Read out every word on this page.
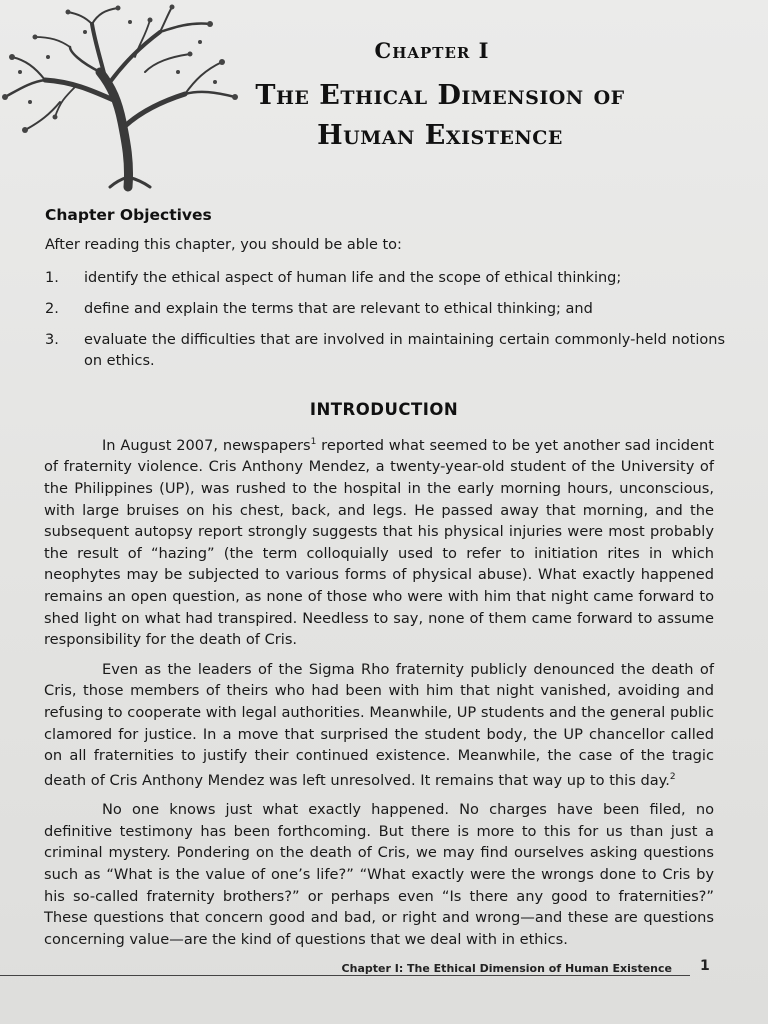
Chapter I
The Ethical Dimension of
Human Existence
Chapter Objectives
After reading this chapter, you should be able to:
1.	identify the ethical aspect of human life and the scope of ethical thinking;
2.	define and explain the terms that are relevant to ethical thinking; and
3.	evaluate the difficulties that are involved in maintaining certain commonly-held notions on ethics.
INTRODUCTION

In August 2007, newspapers$^1$ reported what seemed to be yet another sad incident of fraternity violence. Cris Anthony Mendez, a twenty-year-old student of the University of the Philippines (UP), was rushed to the hospital in the early morning hours, unconscious, with large bruises on his chest, back, and legs. He passed away that morning, and the subsequent autopsy report strongly suggests that his physical injuries were most probably the result of “hazing” (the term colloquially used to refer to initiation rites in which neophytes may be subjected to various forms of physical abuse). What exactly happened remains an open question, as none of those who were with him that night came forward to shed light on what had transpired. Needless to say, none of them came forward to assume responsibility for the death of Cris.

Even as the leaders of the Sigma Rho fraternity publicly denounced the death of Cris, those members of theirs who had been with him that night vanished, avoiding and refusing to cooperate with legal authorities. Meanwhile, UP students and the general public clamored for justice. In a move that surprised the student body, the UP chancellor called on all fraternities to justify their continued existence. Meanwhile, the case of the tragic death of Cris Anthony Mendez was left unresolved. It remains that way up to this day.$^2$

No one knows just what exactly happened. No charges have been filed, no definitive testimony has been forthcoming. But there is more to this for us than just a criminal mystery. Pondering on the death of Cris, we may find ourselves asking questions such as “What is the value of one’s life?” “What exactly were the wrongs done to Cris by his so-called fraternity brothers?” or perhaps even “Is there any good to fraternities?” These questions that concern good and bad, or right and wrong—and these are questions concerning value—are the kind of questions that we deal with in ethics.

Chapter I: The Ethical Dimension of Human Existence 1
